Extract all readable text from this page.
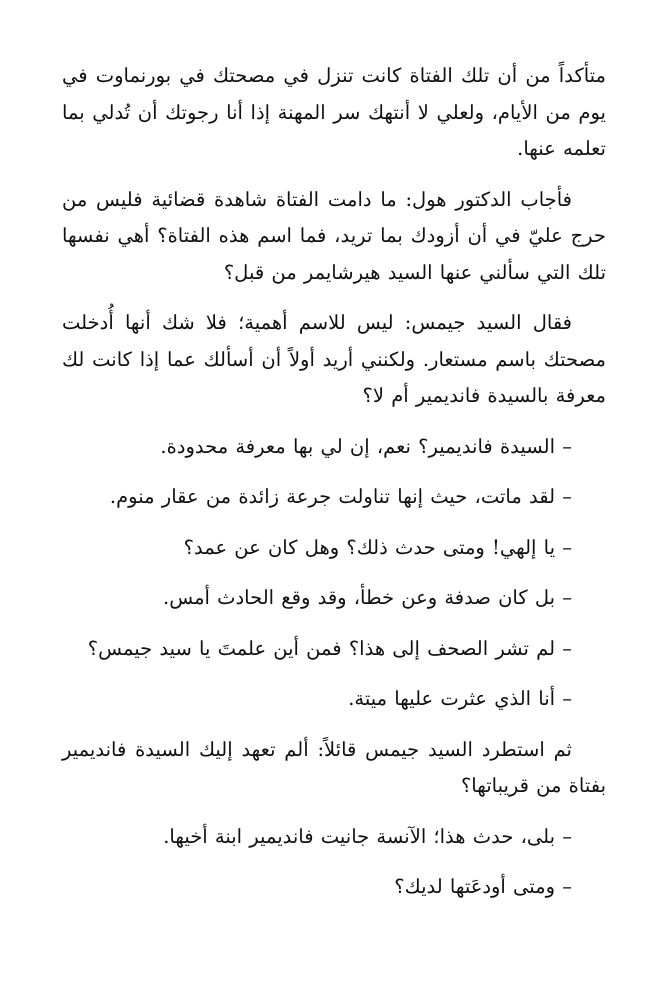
متأكداً من أن تلك الفتاة كانت تنزل في مصحتك في بورنماوت في يوم من الأيام، ولعلي لا أنتهك سر المهنة إذا أنا رجوتك أن تُدلي بما تعلمه عنها.

فأجاب الدكتور هول: ما دامت الفتاة شاهدة قضائية فليس من حرج عليّ في أن أزودك بما تريد، فما اسم هذه الفتاة؟ أهي نفسها تلك التي سألني عنها السيد هيرشايمر من قبل؟

فقال السيد جيمس: ليس للاسم أهمية؛ فلا شك أنها أُدخلت مصحتك باسم مستعار. ولكنني أريد أولاً أن أسألك عما إذا كانت لك معرفة بالسيدة فانديمير أم لا؟

– السيدة فانديمير؟ نعم، إن لي بها معرفة محدودة.

– لقد ماتت، حيث إنها تناولت جرعة زائدة من عقار منوم.

– يا إلهي! ومتى حدث ذلك؟ وهل كان عن عمد؟

– بل كان صدفة وعن خطأ، وقد وقع الحادث أمس.

– لم تشر الصحف إلى هذا؟ فمن أين علمتَ يا سيد جيمس؟

– أنا الذي عثرت عليها ميتة.

ثم استطرد السيد جيمس قائلاً: ألم تعهد إليك السيدة فانديمير بفتاة من قريباتها؟

– بلى، حدث هذا؛ الآنسة جانيت فانديمير ابنة أخيها.

– ومتى أودعَتها لديك؟
